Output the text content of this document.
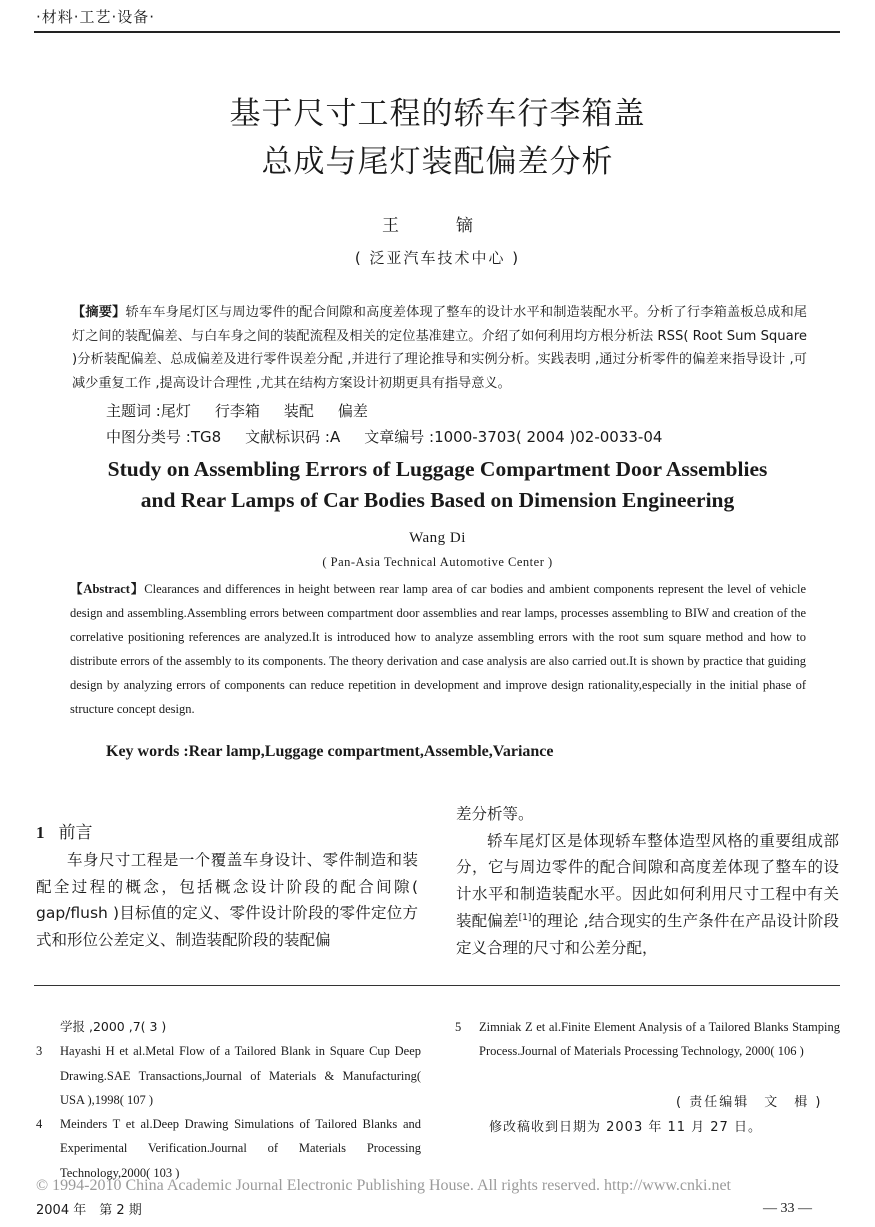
·材料·工艺·设备·
基于尺寸工程的轿车行李箱盖
总成与尾灯装配偏差分析
王　镝
( 泛亚汽车技术中心 )
【摘要】轿车车身尾灯区与周边零件的配合间隙和高度差体现了整车的设计水平和制造装配水平。分析了行李箱盖板总成和尾灯之间的装配偏差、与白车身之间的装配流程及相关的定位基准建立。介绍了如何利用均方根分析法 RSS( Root Sum Square )分析装配偏差、总成偏差及进行零件误差分配 ,并进行了理论推导和实例分析。实践表明 ,通过分析零件的偏差来指导设计 ,可减少重复工作 ,提高设计合理性 ,尤其在结构方案设计初期更具有指导意义。
主题词 :尾灯 行李箱 装配 偏差
中图分类号 :TG8 文献标识码 :A 文章编号 :1000-3703( 2004 )02-0033-04
Study on Assembling Errors of Luggage Compartment Door Assemblies
and Rear Lamps of Car Bodies Based on Dimension Engineering
Wang Di
( Pan-Asia Technical Automotive Center )
【Abstract】Clearances and differences in height between rear lamp area of car bodies and ambient components represent the level of vehicle design and assembling.Assembling errors between compartment door assemblies and rear lamps, processes assembling to BIW and creation of the correlative positioning references are analyzed.It is introduced how to analyze assembling errors with the root sum square method and how to distribute errors of the assembly to its components. The theory derivation and case analysis are also carried out.It is shown by practice that guiding design by analyzing errors of components can reduce repetition in development and improve design rationality,especially in the initial phase of structure concept design.
Key words :Rear lamp,Luggage compartment,Assemble,Variance
1 前言
车身尺寸工程是一个覆盖车身设计、零件制造和装配全过程的概念，包括概念设计阶段的配合间隙( gap/flush )目标值的定义、零件设计阶段的零件定位方式和形位公差定义、制造装配阶段的装配偏
差分析等。
轿车尾灯区是体现轿车整体造型风格的重要组成部分，它与周边零件的配合间隙和高度差体现了整车的设计水平和制造装配水平。因此如何利用尺寸工程中有关装配偏差[1]的理论 ,结合现实的生产条件在产品设计阶段定义合理的尺寸和公差分配，
学报 ,2000 ,7( 3 )
3 Hayashi H et al.Metal Flow of a Tailored Blank in Square Cup Deep Drawing.SAE Transactions,Journal of Materials & Manufacturing( USA ),1998( 107 )
4 Meinders T et al.Deep Drawing Simulations of Tailored Blanks and Experimental Verification.Journal of Materials Processing Technology,2000( 103 )
5 Zimniak Z et al.Finite Element Analysis of a Tailored Blanks Stamping Process.Journal of Materials Processing Technology, 2000( 106 )
( 责任编辑　文　楫 )
修改稿收到日期为 2003 年 11 月 27 日。
© 1994-2010 China Academic Journal Electronic Publishing House. All rights reserved. http://www.cnki.net
2004 年　第 2 期	— 33 —
